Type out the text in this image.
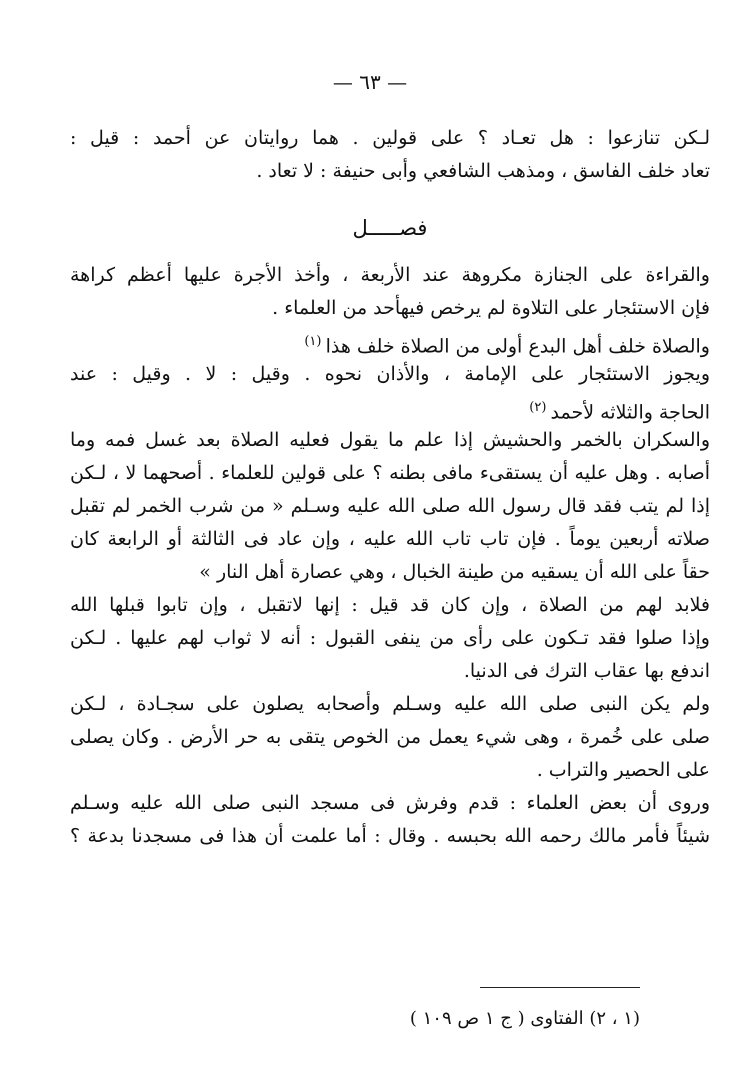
— ٦٣ —
لـكن تنازعوا : هل تعـاد ؟ على قولين . هما روايتان عن أحمد : قيل :
تعاد خلف الفاسق ، ومذهب الشافعي وأبى حنيفة : لا تعاد .
فصـــــل
والقراءة على الجنازة مكروهة عند الأربعة ، وأخذ الأجرة عليها أعظم كراهة
فإن الاستئجار على التلاوة لم يرخص فيهأحد من العلماء .
والصلاة خلف أهل البدع أولى من الصلاة خلف هذا $^{(١)}$
ويجوز الاستئجار على الإمامة ، والأذان نحوه . وقيل : لا . وقيل : عند
الحاجة والثلاثه لأحمد $^{(٢)}$
والسكران بالخمر والحشيش إذا علم ما يقول فعليه الصلاة بعد غسل فمه وما
أصابه . وهل عليه أن يستقىء مافى بطنه ؟ على قولين للعلماء . أصحهما لا ، لـكن
إذا لم يتب فقد قال رسول الله صلى الله عليه وسـلم « من شرب الخمر لم تقبل
صلاته أربعين يوماً . فإن تاب تاب الله عليه ، وإن عاد فى الثالثة أو الرابعة كان
حقاً على الله أن يسقيه من طينة الخبال ، وهي عصارة أهل النار »
فلابد لهم من الصلاة ، وإن كان قد قيل : إنها لاتقبل ، وإن تابوا قبلها الله
وإذا صلوا فقد تـكون على رأى من ينفى القبول : أنه لا ثواب لهم عليها . لـكن
اندفع بها عقاب الترك فى الدنيا.
ولم يكن النبى صلى الله عليه وسـلم وأصحابه يصلون على سجـادة ، لـكن
صلى على خُمرة ، وهى شيء يعمل من الخوص يتقى به حر الأرض . وكان يصلى
على الحصير والتراب .
وروى أن بعض العلماء : قدم وفرش فى مسجد النبى صلى الله عليه وسـلم
شيئاً فأمر مالك رحمه الله بحبسه . وقال : أما علمت أن هذا فى مسجدنا بدعة ؟
(١ ، ٢) الفتاوى ( ج ١ ص ١٠٩ )
